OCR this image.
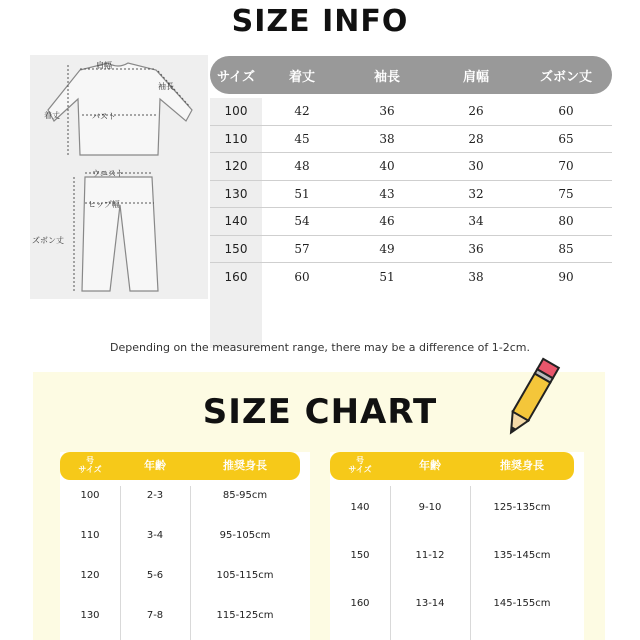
SIZE INFO
肩幅
袖長
着丈	バスト
ウエスト
ヒップ幅
ズボン丈
サイズ	着丈	袖長	肩幅	ズボン丈
100	42	36	26	60
110	45	38	28	65
120	48	40	30	70
130	51	43	32	75
140	54	46	34	80
150	57	49	36	85
160	60	51	38	90
Depending on the measurement range, there may be a difference of 1-2cm.
SIZE CHART
号
サイズ	年齢	推奨身長
100	2-3	85-95cm
110	3-4	95-105cm
120	5-6	105-115cm
130	7-8	115-125cm
号
サイズ	年齢	推奨身長
140	9-10	125-135cm
150	11-12	135-145cm
160	13-14	145-155cm
